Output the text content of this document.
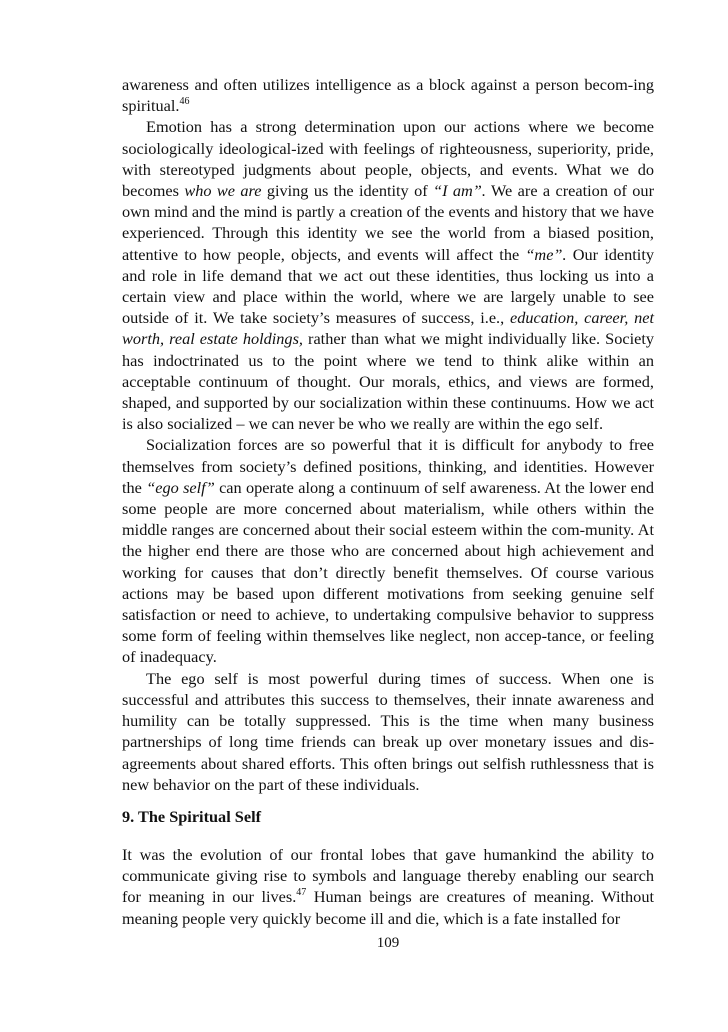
awareness and often utilizes intelligence as a block against a person becom-ing spiritual.$^{46}$

Emotion has a strong determination upon our actions where we become sociologically ideological-ized with feelings of righteousness, superiority, pride, with stereotyped judgments about people, objects, and events. What we do becomes who we are giving us the identity of “I am”. We are a creation of our own mind and the mind is partly a creation of the events and history that we have experienced. Through this identity we see the world from a biased position, attentive to how people, objects, and events will affect the “me”. Our identity and role in life demand that we act out these identities, thus locking us into a certain view and place within the world, where we are largely unable to see outside of it. We take society’s measures of success, i.e., education, career, net worth, real estate holdings, rather than what we might individually like. Society has indoctrinated us to the point where we tend to think alike within an acceptable continuum of thought. Our morals, ethics, and views are formed, shaped, and supported by our socialization within these continuums. How we act is also socialized – we can never be who we really are within the ego self.

Socialization forces are so powerful that it is difficult for anybody to free themselves from society’s defined positions, thinking, and identities. However the “ego self” can operate along a continuum of self awareness. At the lower end some people are more concerned about materialism, while others within the middle ranges are concerned about their social esteem within the com-munity. At the higher end there are those who are concerned about high achievement and working for causes that don’t directly benefit themselves. Of course various actions may be based upon different motivations from seeking genuine self satisfaction or need to achieve, to undertaking compulsive behavior to suppress some form of feeling within themselves like neglect, non accep-tance, or feeling of inadequacy.

The ego self is most powerful during times of success. When one is successful and attributes this success to themselves, their innate awareness and humility can be totally suppressed. This is the time when many business partnerships of long time friends can break up over monetary issues and dis-agreements about shared efforts. This often brings out selfish ruthlessness that is new behavior on the part of these individuals.

9. The Spiritual Self

It was the evolution of our frontal lobes that gave humankind the ability to communicate giving rise to symbols and language thereby enabling our search for meaning in our lives.$^{47}$ Human beings are creatures of meaning. Without meaning people very quickly become ill and die, which is a fate installed for

109
